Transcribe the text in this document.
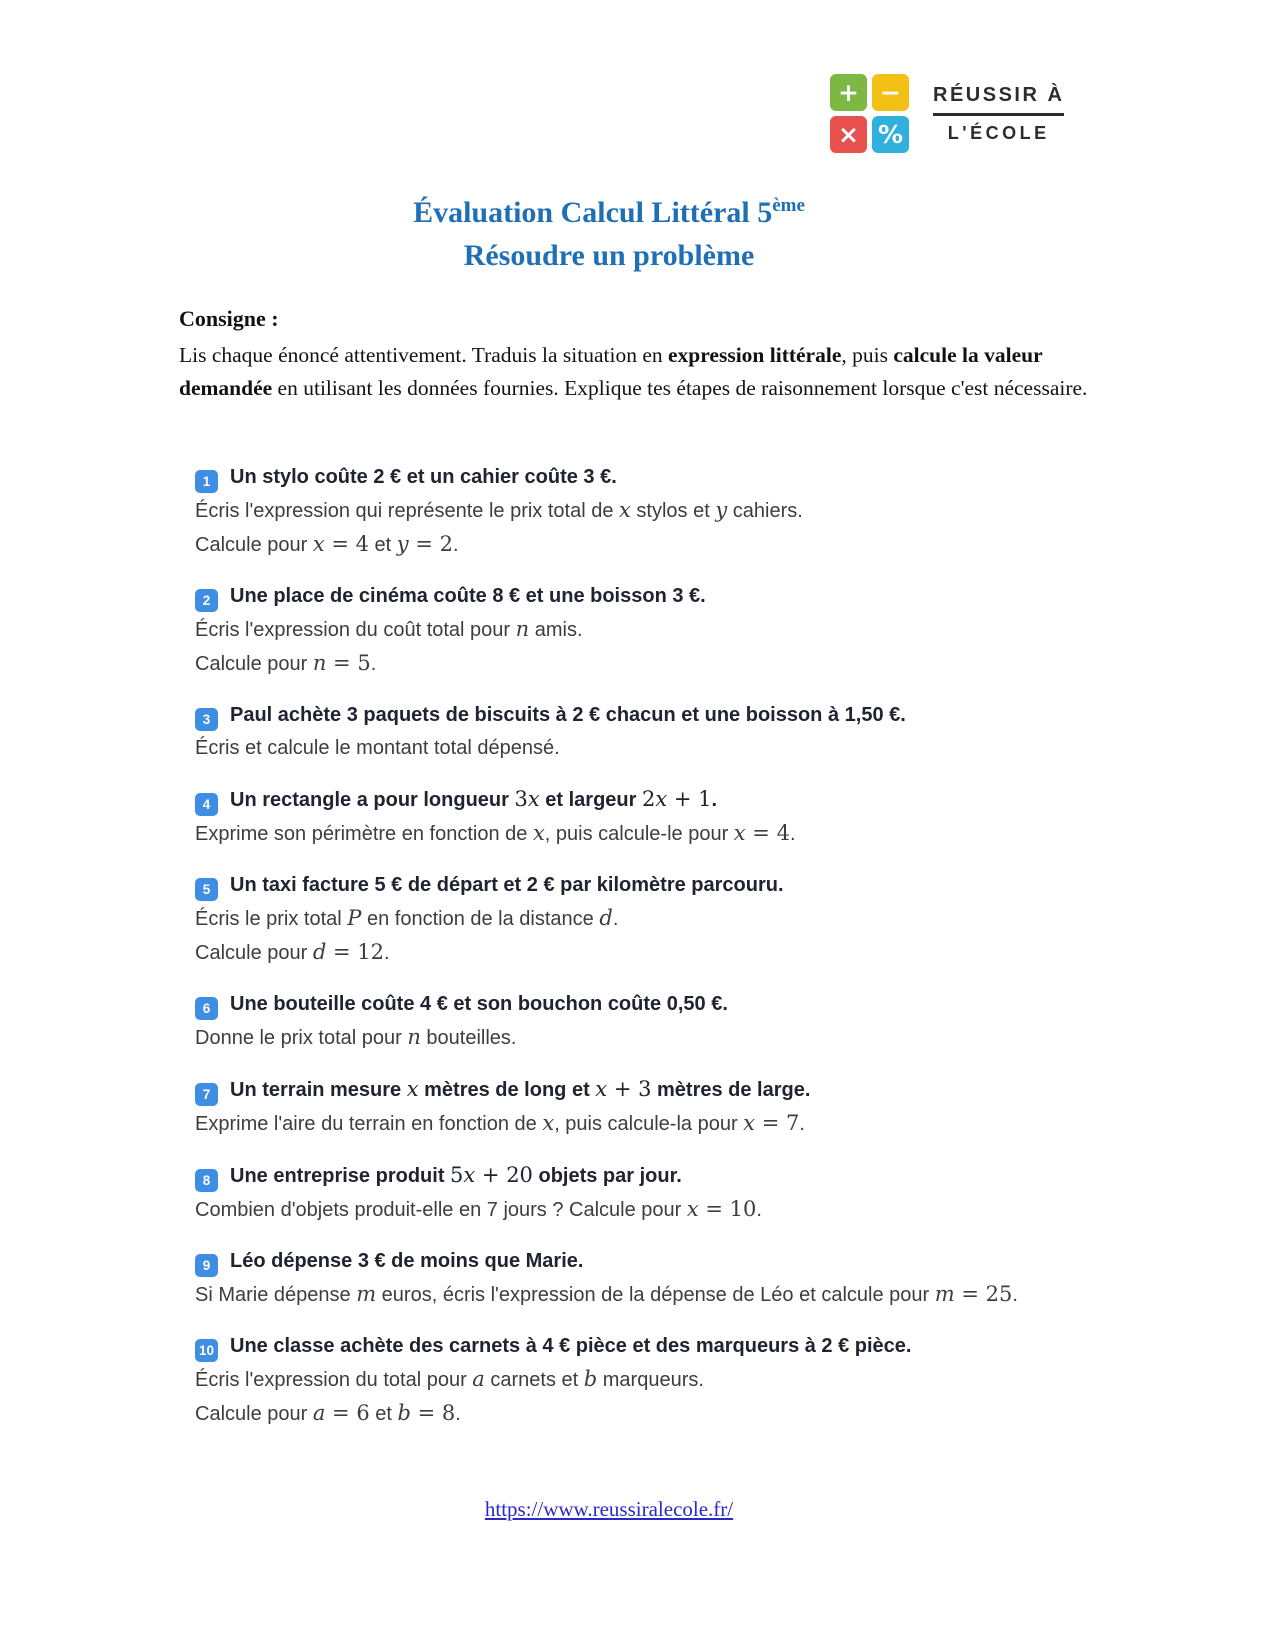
+ −
× %
RÉUSSIR À
L'ÉCOLE
Évaluation Calcul Littéral 5ème
Résoudre un problème
Consigne :

Lis chaque énoncé attentivement. Traduis la situation en expression littérale, puis calcule la valeur demandée en utilisant les données fournies. Explique tes étapes de raisonnement lorsque c'est nécessaire.

1 Un stylo coûte 2 € et un cahier coûte 3 €.
Écris l'expression qui représente le prix total de x stylos et y cahiers.
Calcule pour x = 4 et y = 2.
2 Une place de cinéma coûte 8 € et une boisson 3 €.
Écris l'expression du coût total pour n amis.
Calcule pour n = 5.
3 Paul achète 3 paquets de biscuits à 2 € chacun et une boisson à 1,50 €.
Écris et calcule le montant total dépensé.
4 Un rectangle a pour longueur 3x et largeur 2x + 1.
Exprime son périmètre en fonction de x, puis calcule-le pour x = 4.
5 Un taxi facture 5 € de départ et 2 € par kilomètre parcouru.
Écris le prix total P en fonction de la distance d.
Calcule pour d = 12.
6 Une bouteille coûte 4 € et son bouchon coûte 0,50 €.
Donne le prix total pour n bouteilles.
7 Un terrain mesure x mètres de long et x + 3 mètres de large.
Exprime l'aire du terrain en fonction de x, puis calcule-la pour x = 7.
8 Une entreprise produit 5x + 20 objets par jour.
Combien d'objets produit-elle en 7 jours ? Calcule pour x = 10.
9 Léo dépense 3 € de moins que Marie.
Si Marie dépense m euros, écris l'expression de la dépense de Léo et calcule pour m = 25.
10 Une classe achète des carnets à 4 € pièce et des marqueurs à 2 € pièce.
Écris l'expression du total pour a carnets et b marqueurs.
Calcule pour a = 6 et b = 8.
https://www.reussiralecole.fr/
